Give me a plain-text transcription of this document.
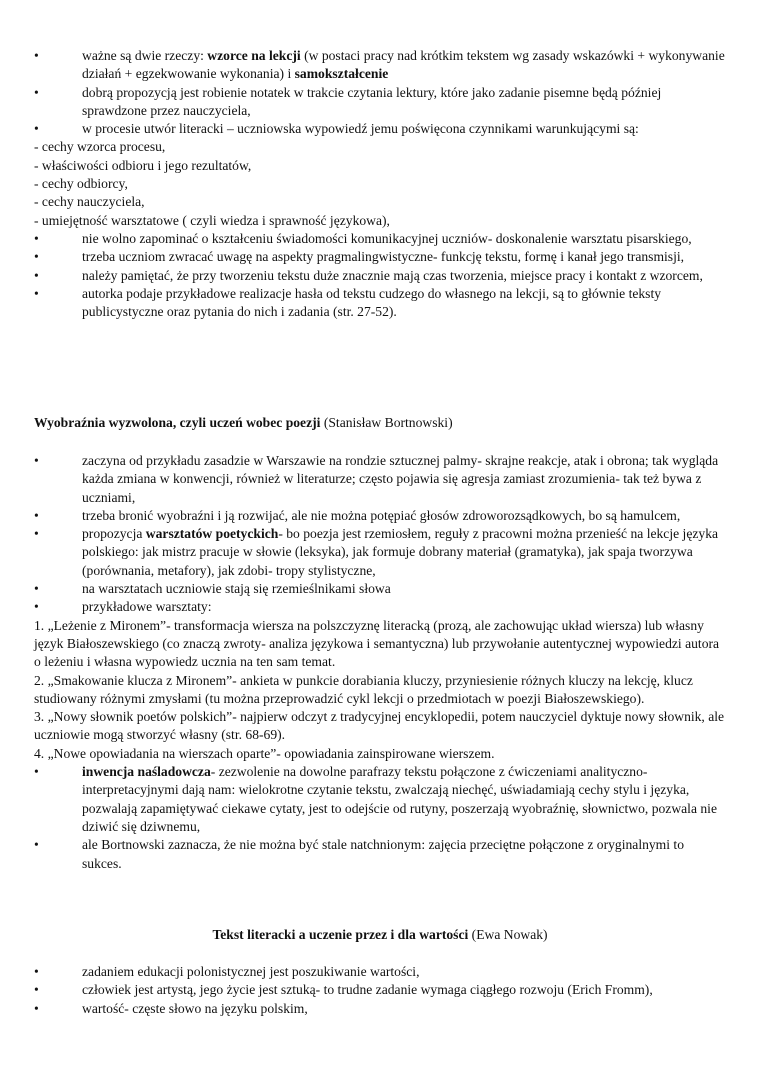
•	ważne są dwie rzeczy: wzorce na lekcji (w postaci pracy nad krótkim tekstem wg zasady wskazówki + wykonywanie działań + egzekwowanie wykonania) i samokształcenie
•	dobrą propozycją jest robienie notatek w trakcie czytania lektury, które jako zadanie pisemne będą później sprawdzone przez nauczyciela,
•	w procesie utwór literacki – uczniowska wypowiedź jemu poświęcona czynnikami warunkującymi są:
- cechy wzorca procesu,
- właściwości odbioru i jego rezultatów,
- cechy odbiorcy,
- cechy nauczyciela,
- umiejętność warsztatowe ( czyli wiedza i sprawność językowa),
•	nie wolno zapominać o kształceniu świadomości komunikacyjnej uczniów- doskonalenie warsztatu pisarskiego,
•	trzeba uczniom zwracać uwagę na aspekty pragmalingwistyczne- funkcję tekstu, formę i kanał jego transmisji,
•	należy pamiętać, że przy tworzeniu tekstu duże znacznie mają czas tworzenia, miejsce pracy i kontakt z wzorcem,
•	autorka podaje przykładowe realizacje hasła od tekstu cudzego do własnego na lekcji, są to głównie teksty publicystyczne oraz pytania do nich i zadania (str. 27-52).
Wyobraźnia wyzwolona, czyli uczeń wobec poezji (Stanisław Bortnowski)
•	zaczyna od przykładu zasadzie w Warszawie na rondzie sztucznej palmy- skrajne reakcje, atak i obrona; tak wygląda każda zmiana w konwencji, również w literaturze; często pojawia się agresja zamiast zrozumienia- tak też bywa z uczniami,
•	trzeba bronić wyobraźni i ją rozwijać, ale nie można potępiać głosów zdroworozsądkowych, bo są hamulcem,
•	propozycja warsztatów poetyckich- bo poezja jest rzemiosłem, reguły z pracowni można przenieść na lekcje języka polskiego: jak mistrz pracuje w słowie (leksyka), jak formuje dobrany materiał (gramatyka), jak spaja tworzywa (porównania, metafory), jak zdobi- tropy stylistyczne,
•	na warsztatach uczniowie stają się rzemieślnikami słowa
•	przykładowe warsztaty:
1. „Leżenie z Mironem”- transformacja wiersza na polszczyznę literacką (prozą, ale zachowując układ wiersza) lub własny język Białoszewskiego (co znaczą zwroty- analiza językowa i semantyczna) lub przywołanie autentycznej wypowiedzi autora o leżeniu i własna wypowiedz ucznia na ten sam temat.
2. „Smakowanie klucza z Mironem”- ankieta w punkcie dorabiania kluczy, przyniesienie różnych kluczy na lekcję, klucz studiowany różnymi zmysłami (tu można przeprowadzić cykl lekcji o przedmiotach w poezji Białoszewskiego).
3. „Nowy słownik poetów polskich”- najpierw odczyt z tradycyjnej encyklopedii, potem nauczyciel dyktuje nowy słownik, ale uczniowie mogą stworzyć własny (str. 68-69).
4. „Nowe opowiadania na wierszach oparte”- opowiadania zainspirowane wierszem.
•	inwencja naśladowcza- zezwolenie na dowolne parafrazy tekstu połączone z ćwiczeniami analityczno-interpretacyjnymi dają nam: wielokrotne czytanie tekstu, zwalczają niechęć, uświadamiają cechy stylu i języka, pozwalają zapamiętywać ciekawe cytaty, jest to odejście od rutyny, poszerzają wyobraźnię, słownictwo, pozwala nie dziwić się dziwnemu,
•	ale Bortnowski zaznacza, że nie można być stale natchnionym: zajęcia przeciętne połączone z oryginalnymi to sukces.
Tekst literacki a uczenie przez i dla wartości (Ewa Nowak)
•	zadaniem edukacji polonistycznej jest poszukiwanie wartości,
•	człowiek jest artystą, jego życie jest sztuką- to trudne zadanie wymaga ciągłego rozwoju (Erich Fromm),
•	wartość- częste słowo na języku polskim,
